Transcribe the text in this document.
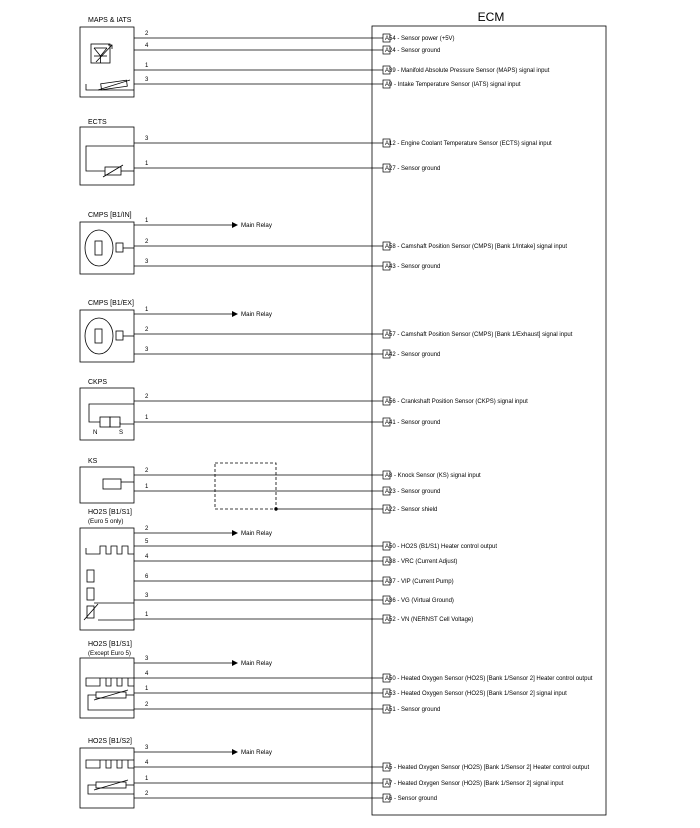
MAPS & IATS
2
A54 - Sensor power (+5V)
4
A24 - Sensor ground
1
A39 - Manifold Absolute Pressure Sensor (MAPS) signal input
3
A9 - Intake Temperature Sensor (IATS) signal input
ECTS
3
A12 - Engine Coolant Temperature Sensor (ECTS) signal input
1
A27 - Sensor ground
CMPS [B1/IN]
Main Relay
1
2
A58 - Camshaft Position Sensor (CMPS) [Bank 1/Intake] signal input
3
A43 - Sensor ground
CMPS [B1/EX]
Main Relay
1
2
A57 - Camshaft Position Sensor (CMPS) [Bank 1/Exhaust] signal input
3
A42 - Sensor ground
CKPS
N	S
2
A56 - Crankshaft Position Sensor (CKPS) signal input
1
A41 - Sensor ground
KS
2
A8 - Knock Sensor (KS) signal input
1
A23 - Sensor ground
A22 - Sensor shield
HO2S [B1/S1]
(Euro 5 only)
Main Relay
2
5
A50 - HO2S (B1/S1) Heater control output
4
A38 - VRC (Current Adjust)
6
A37 - VIP (Current Pump)
3
A36 - VG (Virtual Ground)
1
A52 - VN (NERNST Cell Voltage)
HO2S [B1/S1]
(Except Euro 5)
Main Relay
3
4
A50 - Heated Oxygen Sensor (HO2S) [Bank 1/Sensor 2] Heater control output
1
A53 - Heated Oxygen Sensor (HO2S) [Bank 1/Sensor 2] signal input
2
A51 - Sensor ground
HO2S [B1/S2]
Main Relay
3
4
A5 - Heated Oxygen Sensor (HO2S) [Bank 1/Sensor 2] Heater control output
1
A7 - Heated Oxygen Sensor (HO2S) [Bank 1/Sensor 2] signal input
2
A6 - Sensor ground
ECM
